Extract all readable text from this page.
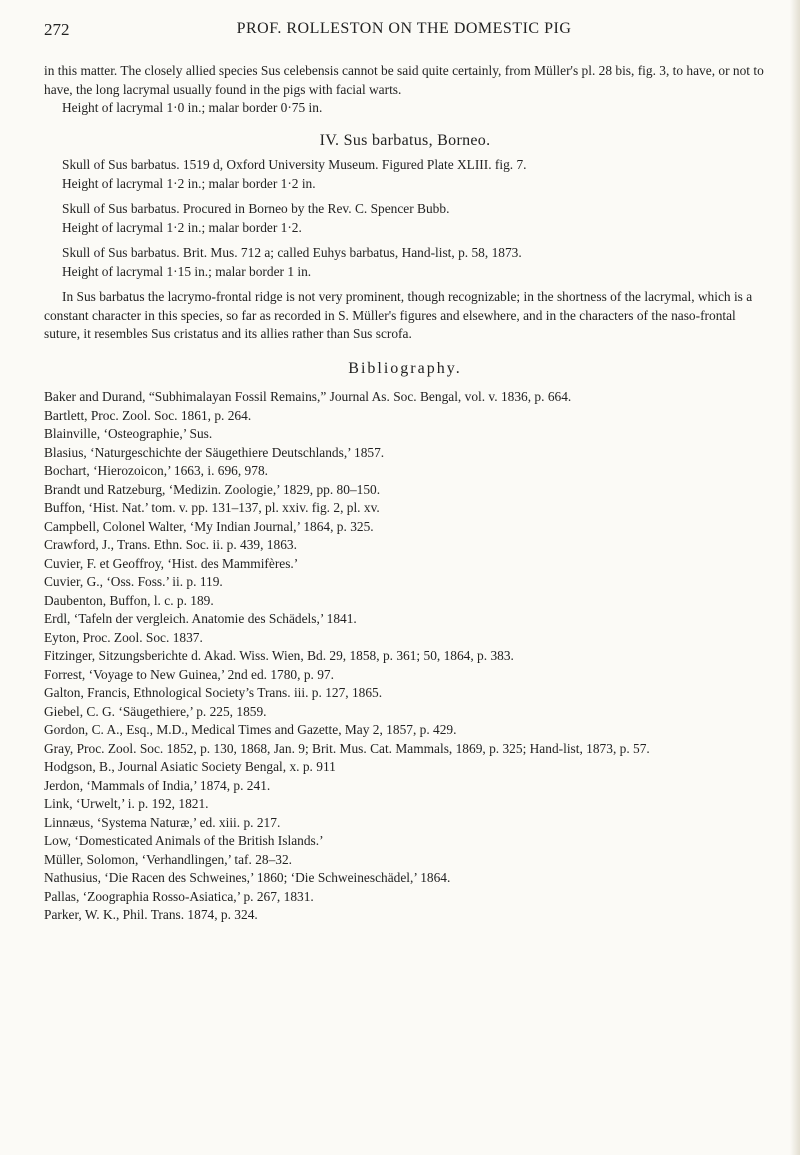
272	PROF. ROLLESTON ON THE DOMESTIC PIG

in this matter. The closely allied species Sus celebensis cannot be said quite certainly, from Müller's pl. 28 bis, fig. 3, to have, or not to have, the long lacrymal usually found in the pigs with facial warts.

Height of lacrymal 1·0 in.; malar border 0·75 in.

IV. Sus barbatus, Borneo.

Skull of Sus barbatus. 1519 d, Oxford University Museum. Figured Plate XLIII. fig. 7.

Height of lacrymal 1·2 in.; malar border 1·2 in.

Skull of Sus barbatus. Procured in Borneo by the Rev. C. Spencer Bubb.

Height of lacrymal 1·2 in.; malar border 1·2.

Skull of Sus barbatus. Brit. Mus. 712 a; called Euhys barbatus, Hand-list, p. 58, 1873.

Height of lacrymal 1·15 in.; malar border 1 in.

In Sus barbatus the lacrymo-frontal ridge is not very prominent, though recognizable; in the shortness of the lacrymal, which is a constant character in this species, so far as recorded in S. Müller's figures and elsewhere, and in the characters of the naso-frontal suture, it resembles Sus cristatus and its allies rather than Sus scrofa.

Bibliography.

Baker and Durand, “Subhimalayan Fossil Remains,” Journal As. Soc. Bengal, vol. v. 1836, p. 664.

Bartlett, Proc. Zool. Soc. 1861, p. 264.

Blainville, ‘Osteographie,’ Sus.

Blasius, ‘Naturgeschichte der Säugethiere Deutschlands,’ 1857.

Bochart, ‘Hierozoicon,’ 1663, i. 696, 978.

Brandt und Ratzeburg, ‘Medizin. Zoologie,’ 1829, pp. 80–150.

Buffon, ‘Hist. Nat.’ tom. v. pp. 131–137, pl. xxiv. fig. 2, pl. xv.

Campbell, Colonel Walter, ‘My Indian Journal,’ 1864, p. 325.

Crawford, J., Trans. Ethn. Soc. ii. p. 439, 1863.

Cuvier, F. et Geoffroy, ‘Hist. des Mammifères.’

Cuvier, G., ‘Oss. Foss.’ ii. p. 119.

Daubenton, Buffon, l. c. p. 189.

Erdl, ‘Tafeln der vergleich. Anatomie des Schädels,’ 1841.

Eyton, Proc. Zool. Soc. 1837.

Fitzinger, Sitzungsberichte d. Akad. Wiss. Wien, Bd. 29, 1858, p. 361; 50, 1864, p. 383.

Forrest, ‘Voyage to New Guinea,’ 2nd ed. 1780, p. 97.

Galton, Francis, Ethnological Society’s Trans. iii. p. 127, 1865.

Giebel, C. G. ‘Säugethiere,’ p. 225, 1859.

Gordon, C. A., Esq., M.D., Medical Times and Gazette, May 2, 1857, p. 429.

Gray, Proc. Zool. Soc. 1852, p. 130, 1868, Jan. 9; Brit. Mus. Cat. Mammals, 1869, p. 325; Hand-list, 1873, p. 57.

Hodgson, B., Journal Asiatic Society Bengal, x. p. 911

Jerdon, ‘Mammals of India,’ 1874, p. 241.

Link, ‘Urwelt,’ i. p. 192, 1821.

Linnæus, ‘Systema Naturæ,’ ed. xiii. p. 217.

Low, ‘Domesticated Animals of the British Islands.’

Müller, Solomon, ‘Verhandlingen,’ taf. 28–32.

Nathusius, ‘Die Racen des Schweines,’ 1860; ‘Die Schweineschädel,’ 1864.

Pallas, ‘Zoographia Rosso-Asiatica,’ p. 267, 1831.

Parker, W. K., Phil. Trans. 1874, p. 324.
